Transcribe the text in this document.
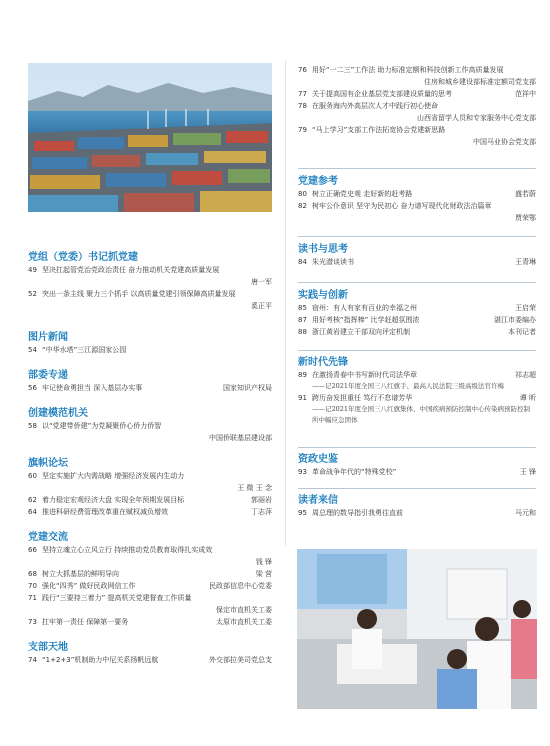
党组（党委）书记抓党建

49 坚决扛起管党治党政治责任 奋力推动机关党建高质量发展
唐一军
52 突出一条主线 聚力三个抓手 以高质量党建引领保障高质量发展
奚正平

图片新闻

54 “中华水塔”三江源国家公园

部委专递

56 牢记使命勇担当 深入基层办实事	国家知识产权局

创建模范机关

58 以“党建带侨建”为党凝聚侨心侨力侨智
中国侨联基层建设部

旗帜论坛

60 坚定实施扩大内需战略 增强经济发展内生动力
王 微 王 念
62 着力稳定宏观经济大盘 实现全年预期发展目标	郭丽岩
64 推进科研经费管理改革重在赋权减负增效	丁志萍

党建交流

66 坚持立魂立心立风立行 持续推动党员教育取得扎实成效
钱 锋
68 树立大抓基层的鲜明导向	梁 营
70 强化“四秀” 做好民政网信工作	民政部信息中心党委
71 践行“三要持三着力” 提高机关党建督查工作质量
保定市直机关工委
73 扛牢第一责任 保障第一要务	太原市直机关工委

支部天地

74 “1+2+3”机制助力中尼关系扬帆远航	外交部拉美司党总支
76 用好“一二三”工作法 助力标准定额和科技创新工作高质量发展
住房和城乡建设部标准定额司党支部
77 关于提高国有企业基层党支部建设质量的思考	范祥中
78 在服务海内外高层次人才中践行初心使命
山西省留学人员和专家服务中心党支部
79 “马上学习”支部工作法拓宽协会党建新思路
中国马业协会党支部

党建参考

80 树立正确党史观 走好新的赶考路	盛若蔚
82 树牢公仆意识 坚守为民初心 奋力谱写现代化财政法治篇章
贾荣鄂

读书与思考

84 朱光潜谈读书	王青琳

实践与创新

85 宿州：有人有家有百业的幸福之州	王启荣
87 用好考核“指挥棒” 比学赶超氛围浓	湛江市委编办
88 浙江黄岩建立干部双向评定机制	本刊记者

新时代先锋

89 在激扬青春中书写新时代司法华章	祁志超
——记2021年度全国三八红旗手、最高人民法院三级高级法官许梅
91 跨历奋发担重任 笃行不怠谱芳华	谭 昕
——记2021年度全国三八红旗集体、中国疾病预防控制中心传染病预防控制所中幅应急团体

资政史鉴

93 革命战争年代的“特殊党校”	王 锋

读者来信

95 周总理的数导指引我勇往直前	马元和
